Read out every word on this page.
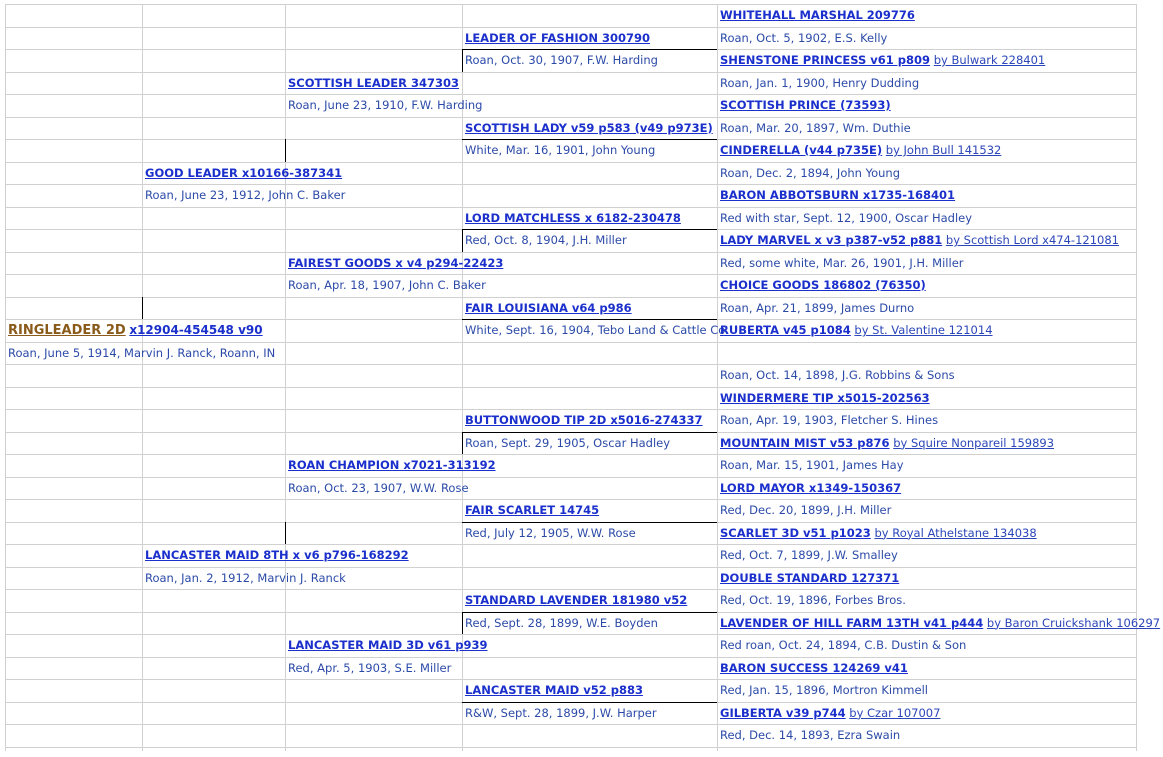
RINGLEADER 2D x12904-454548 v90
Roan, June 5, 1914, Marvin J. Ranck, Roann, IN
GOOD LEADER x10166-387341
Roan, June 23, 1912, John C. Baker
LANCASTER MAID 8TH x v6 p796-168292
Roan, Jan. 2, 1912, Marvin J. Ranck
SCOTTISH LEADER 347303
Roan, June 23, 1910, F.W. Harding
FAIREST GOODS x v4 p294-22423
Roan, Apr. 18, 1907, John C. Baker
ROAN CHAMPION x7021-313192
Roan, Oct. 23, 1907, W.W. Rose
LANCASTER MAID 3D v61 p939
Red, Apr. 5, 1903, S.E. Miller
LEADER OF FASHION 300790
Roan, Oct. 30, 1907, F.W. Harding
SCOTTISH LADY v59 p583 (v49 p973E)
White, Mar. 16, 1901, John Young
LORD MATCHLESS x 6182-230478
Red, Oct. 8, 1904, J.H. Miller
FAIR LOUISIANA v64 p986
White, Sept. 16, 1904, Tebo Land & Cattle Co.
BUTTONWOOD TIP 2D x5016-274337
Roan, Sept. 29, 1905, Oscar Hadley
FAIR SCARLET 14745
Red, July 12, 1905, W.W. Rose
STANDARD LAVENDER 181980 v52
Red, Sept. 28, 1899, W.E. Boyden
LANCASTER MAID v52 p883
R&W, Sept. 28, 1899, J.W. Harper
WHITEHALL MARSHAL 209776
Roan, Oct. 5, 1902, E.S. Kelly
SHENSTONE PRINCESS v61 p809 by Bulwark 228401
Roan, Jan. 1, 1900, Henry Dudding
SCOTTISH PRINCE (73593)
Roan, Mar. 20, 1897, Wm. Duthie
CINDERELLA (v44 p735E) by John Bull 141532
Roan, Dec. 2, 1894, John Young
BARON ABBOTSBURN x1735-168401
Red with star, Sept. 12, 1900, Oscar Hadley
LADY MARVEL x v3 p387-v52 p881 by Scottish Lord x474-121081
Red, some white, Mar. 26, 1901, J.H. Miller
CHOICE GOODS 186802 (76350)
Roan, Apr. 21, 1899, James Durno
RUBERTA v45 p1084 by St. Valentine 121014
Roan, Oct. 14, 1898, J.G. Robbins & Sons
WINDERMERE TIP x5015-202563
Roan, Apr. 19, 1903, Fletcher S. Hines
MOUNTAIN MIST v53 p876 by Squire Nonpareil 159893
Roan, Mar. 15, 1901, James Hay
LORD MAYOR x1349-150367
Red, Dec. 20, 1899, J.H. Miller
SCARLET 3D v51 p1023 by Royal Athelstane 134038
Red, Oct. 7, 1899, J.W. Smalley
DOUBLE STANDARD 127371
Red, Oct. 19, 1896, Forbes Bros.
LAVENDER OF HILL FARM 13TH v41 p444 by Baron Cruickshank 106297
Red roan, Oct. 24, 1894, C.B. Dustin & Son
BARON SUCCESS 124269 v41
Red, Jan. 15, 1896, Mortron Kimmell
GILBERTA v39 p744 by Czar 107007
Red, Dec. 14, 1893, Ezra Swain
